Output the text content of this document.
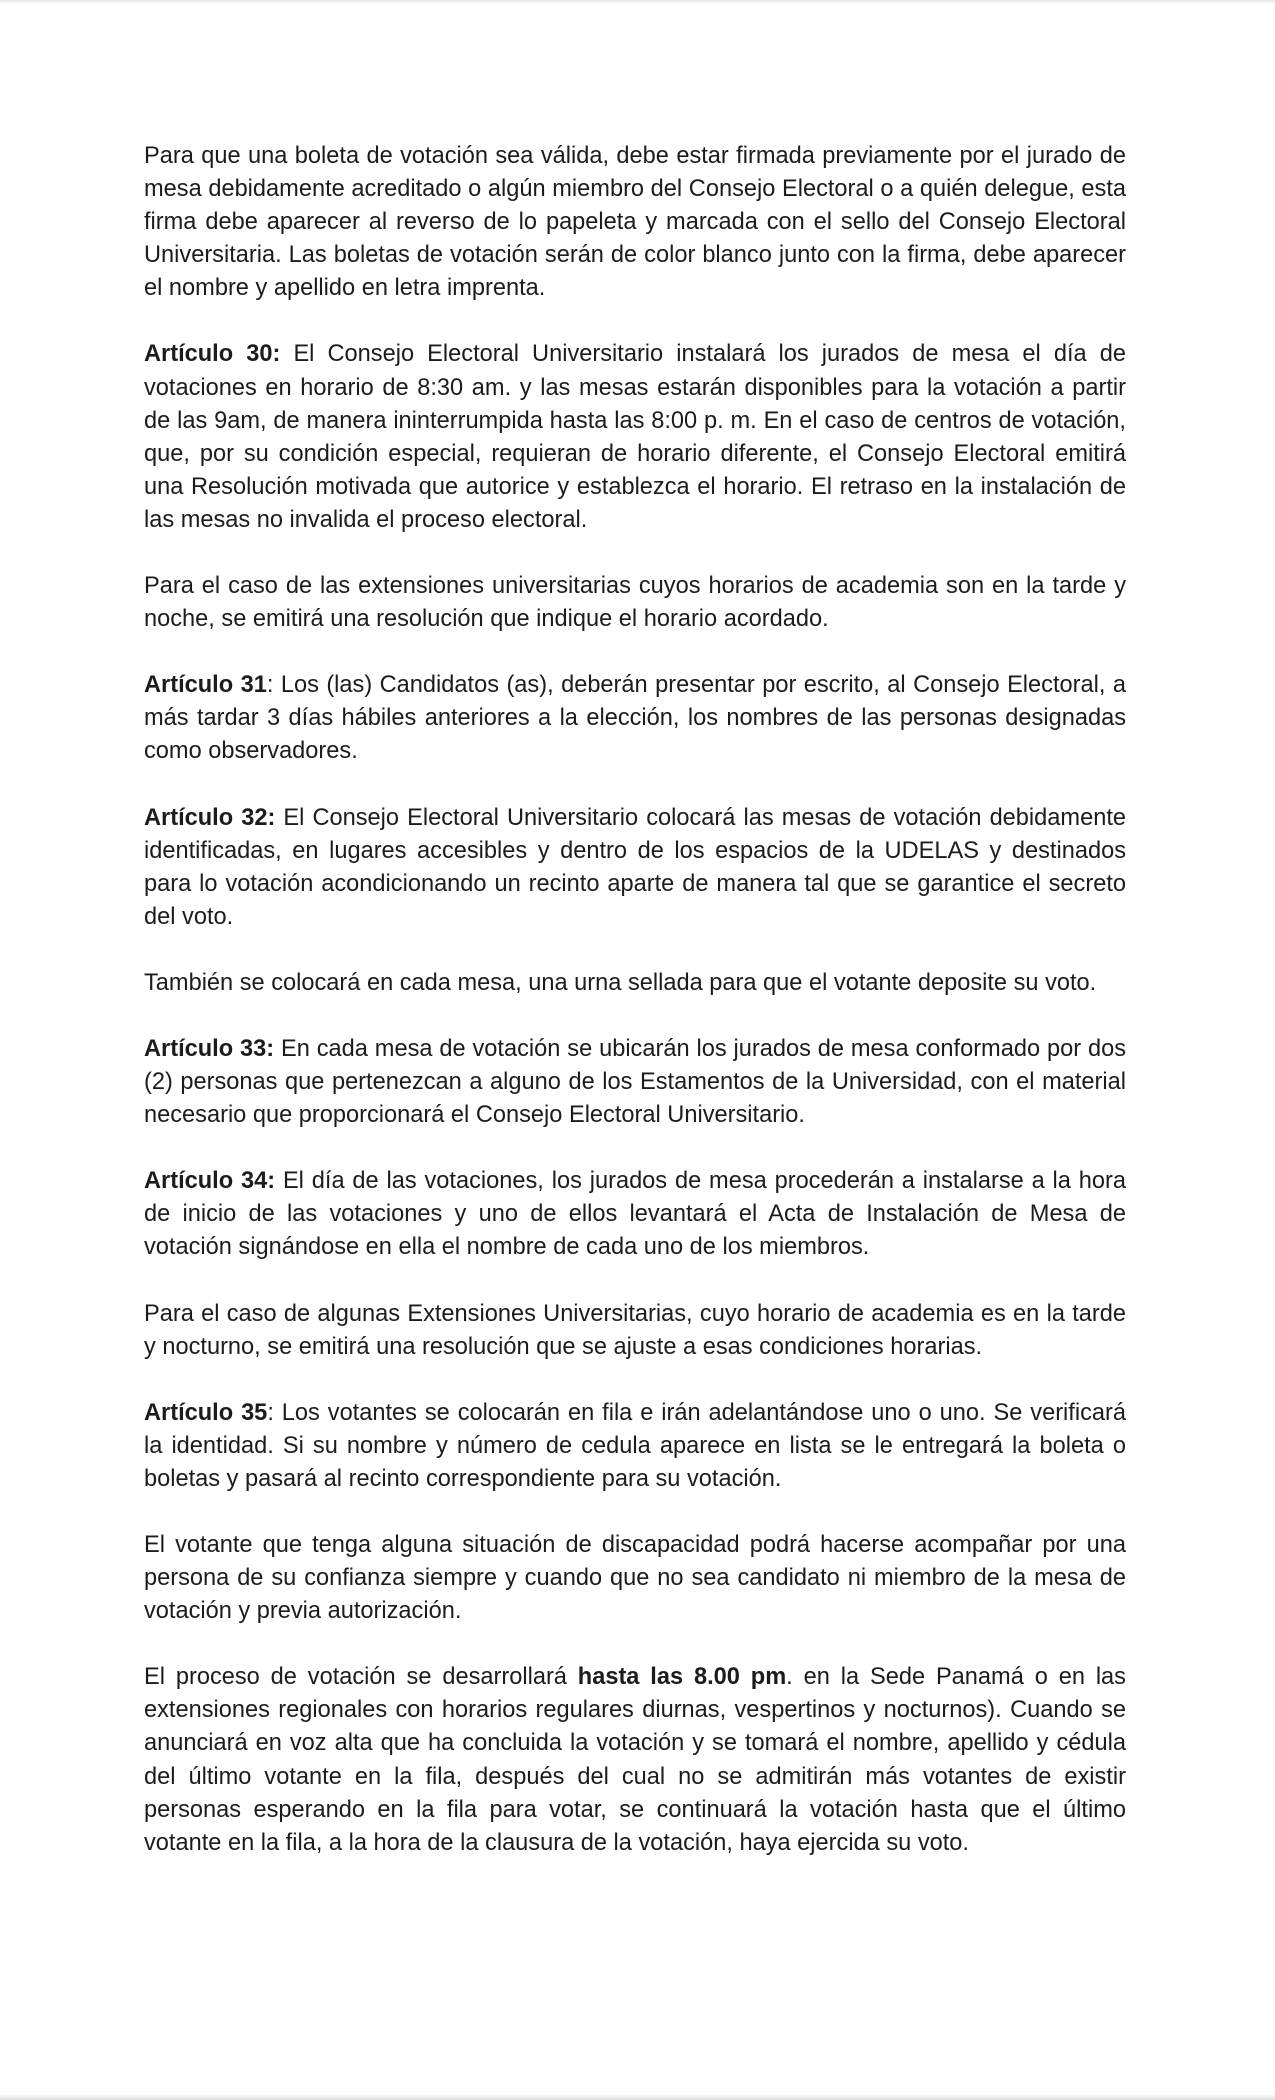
Para que una boleta de votación sea válida, debe estar firmada previamente por el jurado de mesa debidamente acreditado o algún miembro del Consejo Electoral o a quién delegue, esta firma debe aparecer al reverso de lo papeleta y marcada con el sello del Consejo Electoral Universitaria. Las boletas de votación serán de color blanco junto con la firma, debe aparecer el nombre y apellido en letra imprenta.

Artículo 30: El Consejo Electoral Universitario instalará los jurados de mesa el día de votaciones en horario de 8:30 am. y las mesas estarán disponibles para la votación a partir de las 9am, de manera ininterrumpida hasta las 8:00 p. m. En el caso de centros de votación, que, por su condición especial, requieran de horario diferente, el Consejo Electoral emitirá una Resolución motivada que autorice y establezca el horario. El retraso en la instalación de las mesas no invalida el proceso electoral.

Para el caso de las extensiones universitarias cuyos horarios de academia son en la tarde y noche, se emitirá una resolución que indique el horario acordado.

Artículo 31: Los (las) Candidatos (as), deberán presentar por escrito, al Consejo Electoral, a más tardar 3 días hábiles anteriores a la elección, los nombres de las personas designadas como observadores.

Artículo 32: El Consejo Electoral Universitario colocará las mesas de votación debidamente identificadas, en lugares accesibles y dentro de los espacios de la UDELAS y destinados para lo votación acondicionando un recinto aparte de manera tal que se garantice el secreto del voto.

También se colocará en cada mesa, una urna sellada para que el votante deposite su voto.

Artículo 33: En cada mesa de votación se ubicarán los jurados de mesa conformado por dos (2) personas que pertenezcan a alguno de los Estamentos de la Universidad, con el material necesario que proporcionará el Consejo Electoral Universitario.

Artículo 34: El día de las votaciones, los jurados de mesa procederán a instalarse a la hora de inicio de las votaciones y uno de ellos levantará el Acta de Instalación de Mesa de votación signándose en ella el nombre de cada uno de los miembros.

Para el caso de algunas Extensiones Universitarias, cuyo horario de academia es en la tarde y nocturno, se emitirá una resolución que se ajuste a esas condiciones horarias.

Artículo 35: Los votantes se colocarán en fila e irán adelantándose uno o uno. Se verificará la identidad. Si su nombre y número de cedula aparece en lista se le entregará la boleta o boletas y pasará al recinto correspondiente para su votación.

El votante que tenga alguna situación de discapacidad podrá hacerse acompañar por una persona de su confianza siempre y cuando que no sea candidato ni miembro de la mesa de votación y previa autorización.

El proceso de votación se desarrollará hasta las 8.00 pm. en la Sede Panamá o en las extensiones regionales con horarios regulares diurnas, vespertinos y nocturnos). Cuando se anunciará en voz alta que ha concluida la votación y se tomará el nombre, apellido y cédula del último votante en la fila, después del cual no se admitirán más votantes de existir personas esperando en la fila para votar, se continuará la votación hasta que el último votante en la fila, a la hora de la clausura de la votación, haya ejercida su voto.
